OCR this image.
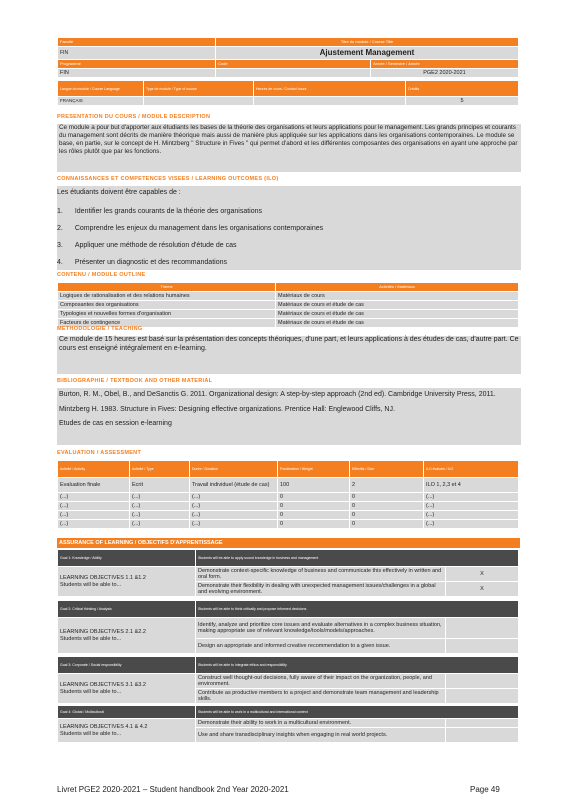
Faculté	Titre du module / Course Title
FIN	Ajustement Management
Programme	Code	Année / Semestre / Année
FIN		PGE2 2020-2021
Langue du module / Course Language	Type de module / Type of course	Heures de cours / Contact hours	Crédits
FRANÇAIS			5
PRESENTATION DU COURS / MODULE DESCRIPTION
Ce module a pour but d'apporter aux étudiants les bases de la théorie des organisations et leurs applications pour le management. Les grands principes et courants du management sont décrits de manière théorique mais aussi de manière plus appliquée sur les applications dans les organisations contemporaines. Le module se base, en partie, sur le concept de H. Mintzberg " Structure in Fives " qui permet d'abord et les différentes composantes des organisations en ayant une approche par les rôles plutôt que par les fonctions.
CONNAISSANCES ET COMPETENCES VISEES / LEARNING OUTCOMES (ILO)
Les étudiants doivent être capables de :
1. Identifier les grands courants de la théorie des organisations
2. Comprendre les enjeux du management dans les organisations contemporaines
3. Appliquer une méthode de résolution d'étude de cas
4. Présenter un diagnostic et des recommandations
CONTENU / MODULE OUTLINE
Thème	Activités / Matériaux
Logiques de rationalisation et des relations humaines	Matériaux de cours
Composantes des organisations	Matériaux de cours et étude de cas
Typologies et nouvelles formes d'organisation	Matériaux de cours et étude de cas
Facteurs de contingence	Matériaux de cours et étude de cas
METHODOLOGIE / TEACHING
Ce module de 15 heures est basé sur la présentation des concepts théoriques, d'une part, et leurs applications à des études de cas, d'autre part. Ce cours est enseigné intégralement en e-learning.
BIBLIOGRAPHIE / TEXTBOOK AND OTHER MATERIAL
Burton, R. M., Obel, B., and DeSanctis G. 2011. Organizational design: A step-by-step approach (2nd ed). Cambridge University Press, 2011.
Mintzberg H. 1983. Structure in Fives: Designing effective organizations. Prentice Hall: Englewood Cliffs, NJ.
Etudes de cas en session e-learning
EVALUATION / ASSESSMENT
Activité / Activity	Activité / Type	Durée / Duration	Pondération / Weight	Effectifs / Size	ILO évalués / ILO
Evaluation finale	Ecrit	Travail individuel (étude de cas)	100	2	ILO 1, 2,3 et 4
(...)	(...)	(...)	0	0	(...)
(...)	(...)	(...)	0	0	(...)
(...)	(...)	(...)	0	0	(...)
(...)	(...)	(...)	0	0	(...)
ASSURANCE OF LEARNING / OBJECTIFS D'APPRENTISSAGE
Goal 1: Knowledge / Ability	Students will be able to apply sound knowledge in business and management	

LEARNING OBJECTIVES 1.1 &1.2
Students will be able to...	Demonstrate context-specific knowledge of business and communicate this effectively in written and oral form.	X
	Demonstrate their flexibility in dealing with unexpected management issues/challenges in a global and evolving environment.	X
Goal 2: Critical thinking / Analysis	Students will be able to think critically and propose informed decisions	

LEARNING OBJECTIVES 2.1 &2.2
Students will be able to...	Identify, analyze and prioritize core issues and evaluate alternatives in a complex business situation, making appropriate use of relevant knowledge/tools/models/approaches.	
	Design an appropriate and informed creative recommendation to a given issue.	
Goal 3: Corporate / Social responsibility	Students will be able to integrate ethics and responsibility	

LEARNING OBJECTIVES 3.1 &3.2
Students will be able to...	Construct well thought-out decisions, fully aware of their impact on the organization, people, and environment.	
	Contribute as productive members to a project and demonstrate team management and leadership skills.	
Goal 4: Global / Multicultural	Students will be able to work in a multicultural and international context	

LEARNING OBJECTIVES 4.1 & 4.2
Students will be able to...	Demonstrate their ability to work in a multicultural environment.	
	Use and share transdisciplinary insights when engaging in real world projects.	
Livret PGE2 2020-2021 – Student handbook 2nd Year 2020-2021	Page 49
